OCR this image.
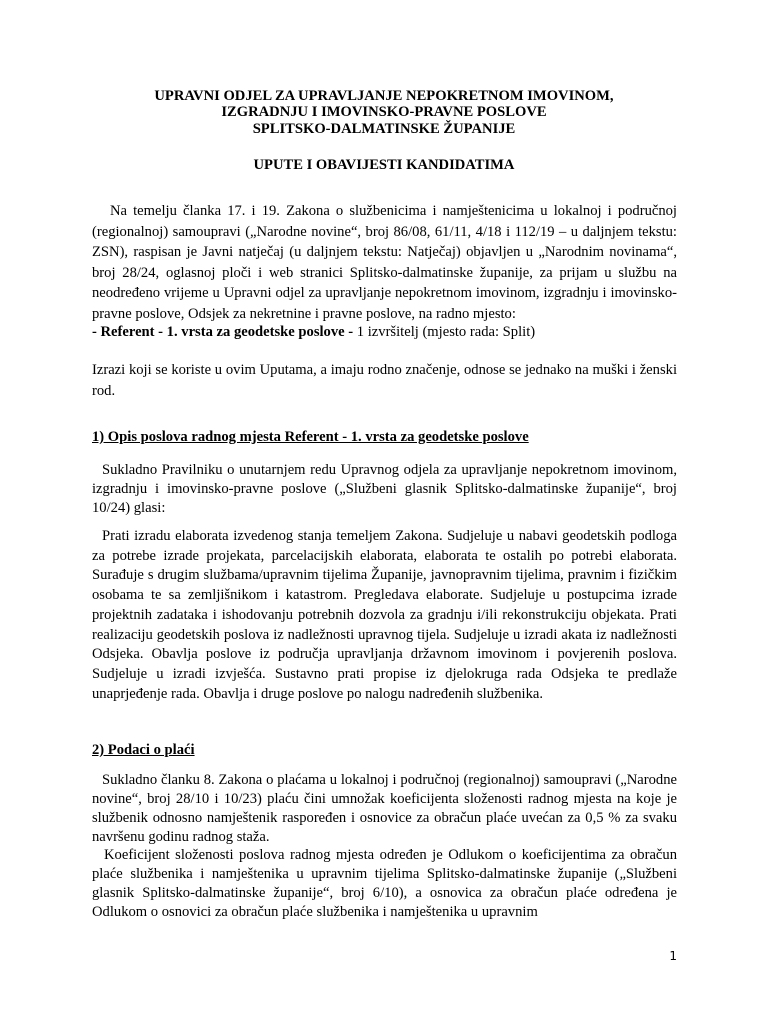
UPRAVNI ODJEL ZA UPRAVLJANJE NEPOKRETNOM IMOVINOM,
IZGRADNJU I IMOVINSKO-PRAVNE POSLOVE
SPLITSKO-DALMATINSKE ŽUPANIJE
UPUTE I OBAVIJESTI KANDIDATIMA

Na temelju članka 17. i 19. Zakona o službenicima i namještenicima u lokalnoj i područnoj (regionalnoj) samoupravi („Narodne novine“, broj 86/08, 61/11, 4/18 i 112/19 – u daljnjem tekstu: ZSN), raspisan je Javni natječaj (u daljnjem tekstu: Natječaj) objavljen u „Narodnim novinama“, broj 28/24, oglasnoj ploči i web stranici Splitsko-dalmatinske županije, za prijam u službu na neodređeno vrijeme u Upravni odjel za upravljanje nepokretnom imovinom, izgradnju i imovinsko-pravne poslove, Odsjek za nekretnine i pravne poslove, na radno mjesto:

- Referent - 1. vrsta za geodetske poslove - 1 izvršitelj (mjesto rada: Split)

Izrazi koji se koriste u ovim Uputama, a imaju rodno značenje, odnose se jednako na muški i ženski rod.

1) Opis poslova radnog mjesta Referent - 1. vrsta za geodetske poslove

Sukladno Pravilniku o unutarnjem redu Upravnog odjela za upravljanje nepokretnom imovinom, izgradnju i imovinsko-pravne poslove („Službeni glasnik Splitsko-dalmatinske županije“, broj 10/24) glasi:

Prati izradu elaborata izvedenog stanja temeljem Zakona. Sudjeluje u nabavi geodetskih podloga za potrebe izrade projekata, parcelacijskih elaborata, elaborata te ostalih po potrebi elaborata. Surađuje s drugim službama/upravnim tijelima Županije, javnopravnim tijelima, pravnim i fizičkim osobama te sa zemljišnikom i katastrom. Pregledava elaborate. Sudjeluje u postupcima izrade projektnih zadataka i ishodovanju potrebnih dozvola za gradnju i/ili rekonstrukciju objekata. Prati realizaciju geodetskih poslova iz nadležnosti upravnog tijela. Sudjeluje u izradi akata iz nadležnosti Odsjeka. Obavlja poslove iz područja upravljanja državnom imovinom i povjerenih poslova. Sudjeluje u izradi izvješća. Sustavno prati propise iz djelokruga rada Odsjeka te predlaže unaprjeđenje rada. Obavlja i druge poslove po nalogu nadređenih službenika.

2) Podaci o plaći

Sukladno članku 8. Zakona o plaćama u lokalnoj i područnoj (regionalnoj) samoupravi („Narodne novine“, broj 28/10 i 10/23) plaću čini umnožak koeficijenta složenosti radnog mjesta na koje je službenik odnosno namještenik raspoređen i osnovice za obračun plaće uvećan za 0,5 % za svaku navršenu godinu radnog staža.

Koeficijent složenosti poslova radnog mjesta određen je Odlukom o koeficijentima za obračun plaće službenika i namještenika u upravnim tijelima Splitsko-dalmatinske županije („Službeni glasnik Splitsko-dalmatinske županije“, broj 6/10), a osnovica za obračun plaće određena je Odlukom o osnovici za obračun plaće službenika i namještenika u upravnim

1
